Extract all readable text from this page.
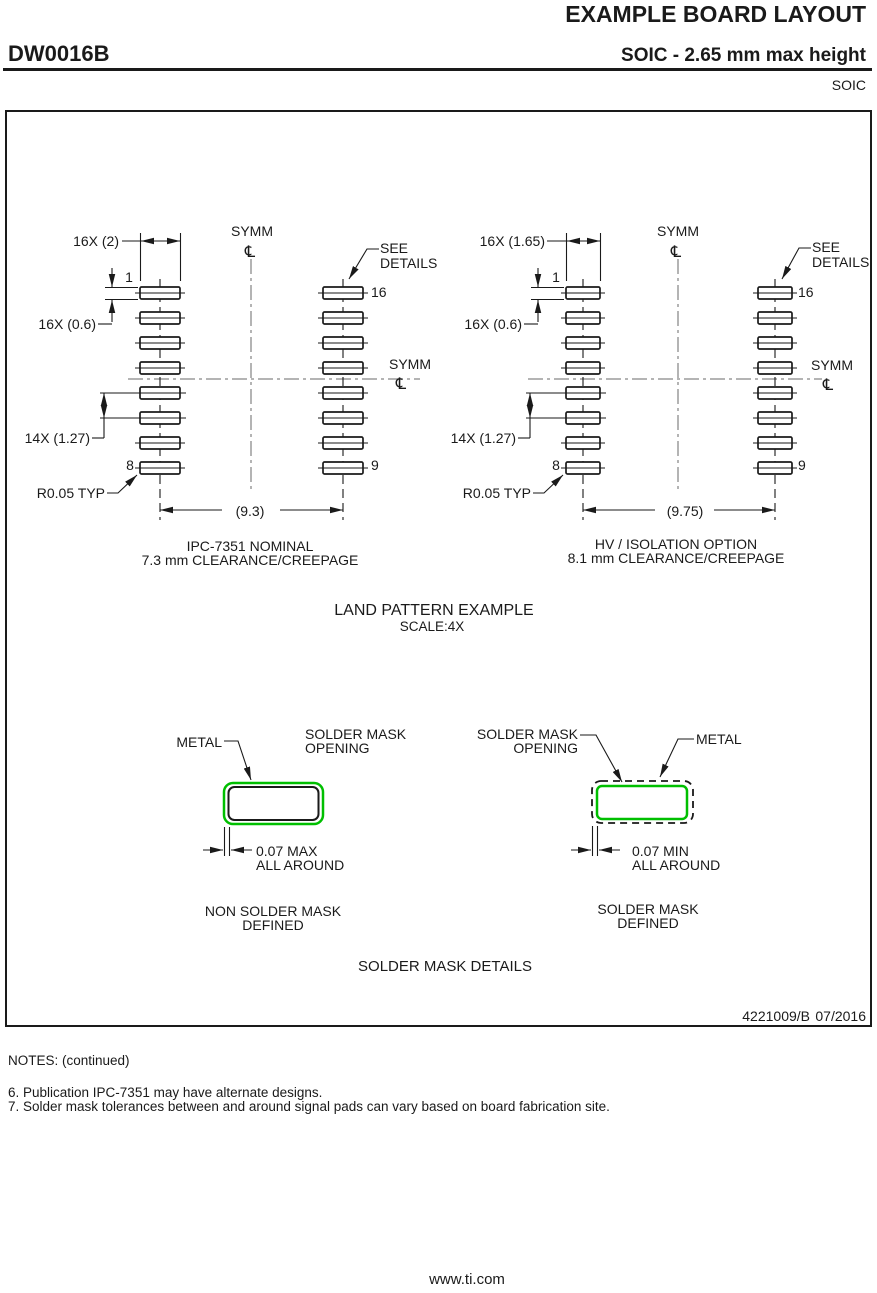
EXAMPLE BOARD LAYOUT
DW0016B	SOIC - 2.65 mm max height
SOIC
16X (2)
16X (0.6)
1
14X (1.27)
8
R0.05 TYP
(9.3)
SYMM
℄
SYMM
℄
SEE
DETAILS
16
9
IPC-7351 NOMINAL
7.3 mm CLEARANCE/CREEPAGE
16X (1.65)
16X (0.6)
1
14X (1.27)
8
R0.05 TYP
(9.75)
SYMM
℄
SYMM
℄
SEE
DETAILS
16
9
HV / ISOLATION OPTION
8.1 mm CLEARANCE/CREEPAGE
LAND PATTERN EXAMPLE
SCALE:4X
METAL	SOLDER MASK
OPENING
0.07 MAX
ALL AROUND
NON SOLDER MASK
DEFINED
SOLDER MASK
OPENING
METAL
0.07 MIN
ALL AROUND
SOLDER MASK
DEFINED
SOLDER MASK DETAILS
4221009/B 07/2016
NOTES: (continued)
6. Publication IPC-7351 may have alternate designs.
7. Solder mask tolerances between and around signal pads can vary based on board fabrication site.
www.ti.com
